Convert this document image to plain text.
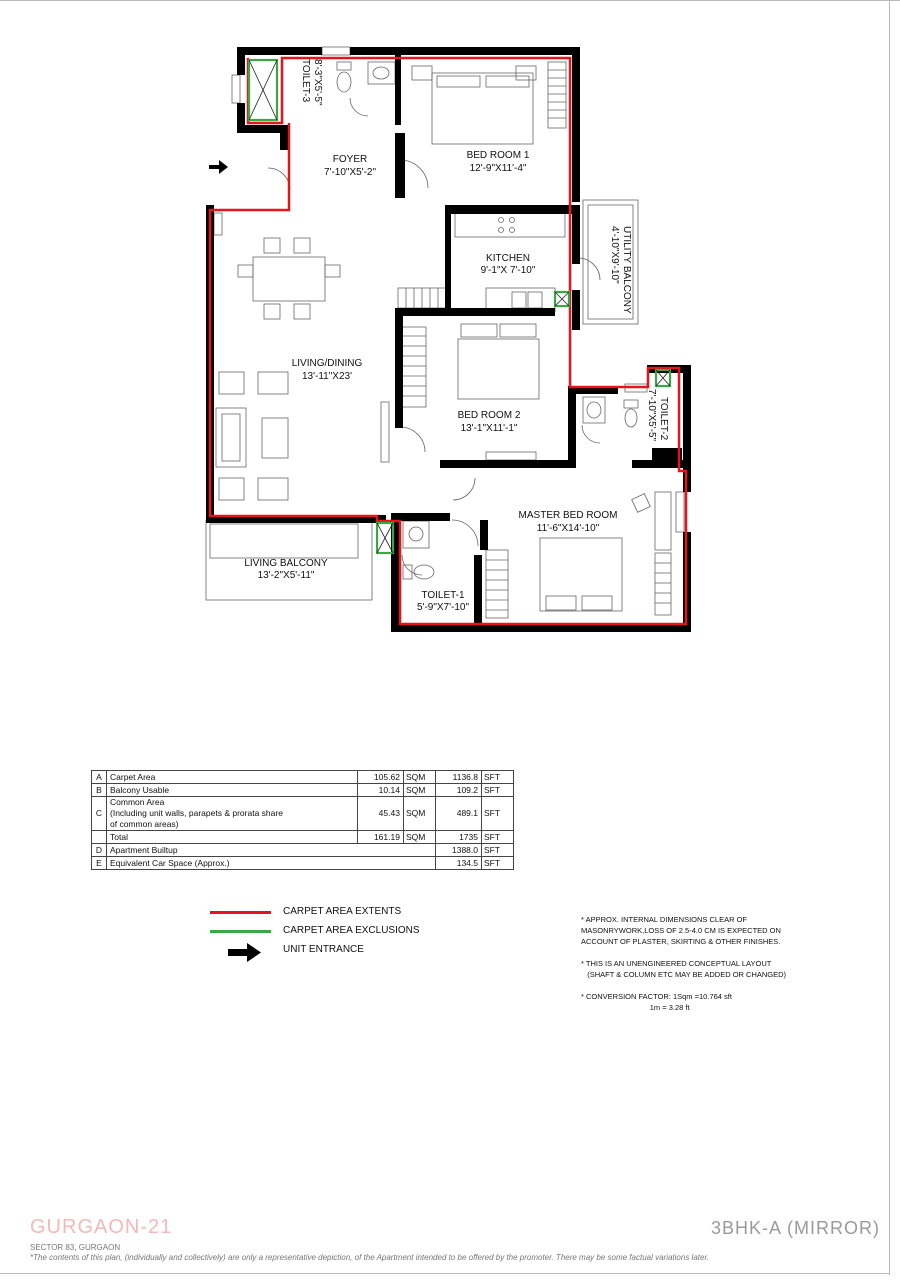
TOILET-3 8'-3"X5'-5"
FOYER
7'-10"X5'-2"
BED ROOM 1
12'-9"X11'-4"
UTILITY BALCONY
4'-10"X9'-10"
KITCHEN
9'-1"X 7'-10"
LIVING/DINING
13'-11"X23'
BED ROOM 2
13'-1"X11'-1"	TOILET-2
7'-10"X5'-5"
MASTER BED ROOM
11'-6"X14'-10"
LIVING BALCONY
13'-2"X5'-11"
TOILET-1
5'-9"X7'-10"
A	Carpet Area	105.62	SQM	1136.8	SFT
B	Balcony Usable	10.14	SQM	109.2	SFT
C	Common Area
(Including unit walls, parapets & prorata share
of common areas)	45.43	SQM	489.1	SFT
	Total	161.19	SQM	1735	SFT
D	Apartment Builtup			1388.0	SFT
E	Equivalent Car Space (Approx.)			134.5	SFT
CARPET AREA EXTENTS
CARPET AREA EXCLUSIONS
UNIT ENTRANCE

* APPROX. INTERNAL DIMENSIONS CLEAR OF
MASONRYWORK,LOSS OF 2.5-4.0 CM IS EXPECTED ON
ACCOUNT OF PLASTER, SKIRTING & OTHER FINISHES.

* THIS IS AN UNENGINEERED CONCEPTUAL LAYOUT
(SHAFT & COLUMN ETC MAY BE ADDED OR CHANGED)

* CONVERSION FACTOR: 1Sqm =10.764 sft
1m = 3.28 ft

GURGAON-21	3BHK-A (MIRROR)
SECTOR 83, GURGAON
*The contents of this plan, (individually and collectively) are only a representative depiction, of the Apartment intended to be offered by the promoter. There may be some factual variations later.
